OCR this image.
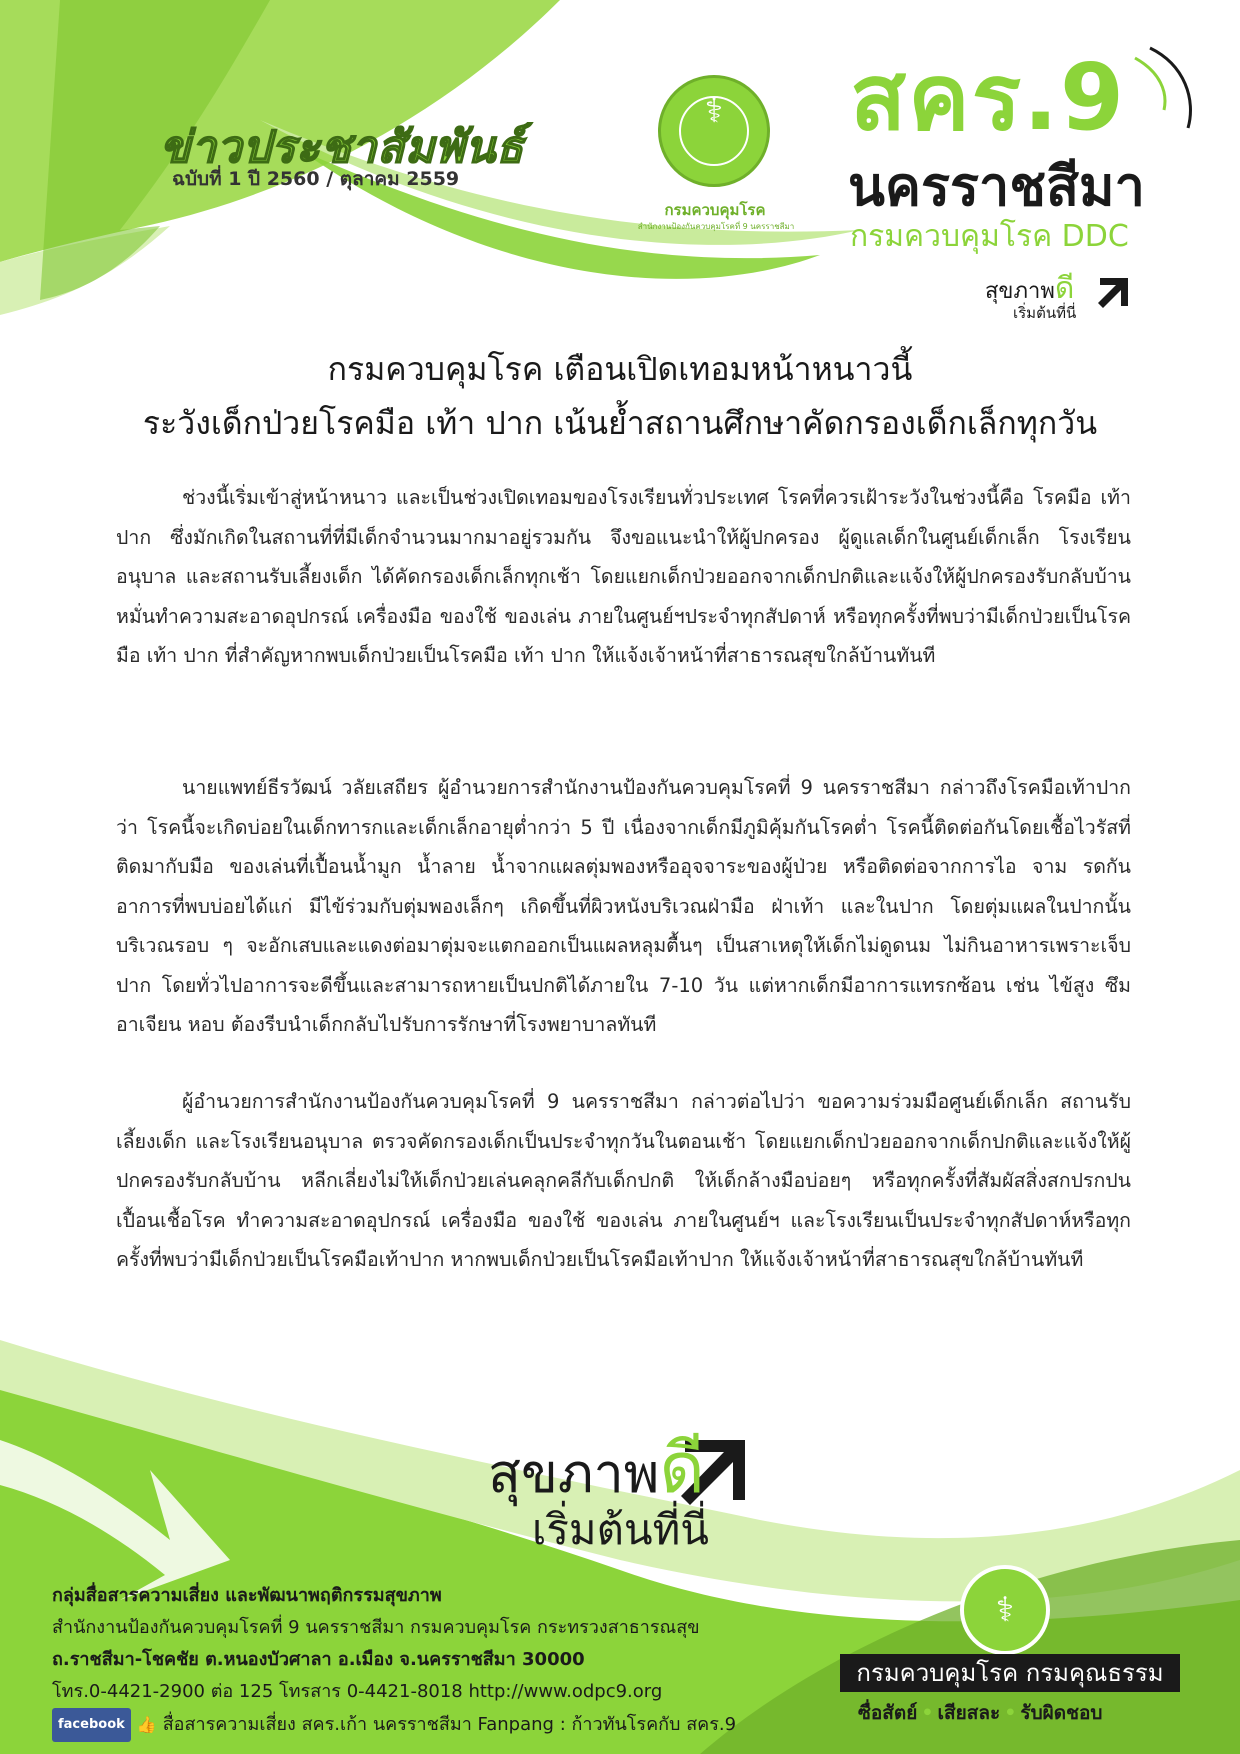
ข่าวประชาสัมพันธ์
ฉบับที่ 1 ปี 2560 / ตุลาคม 2559
⚕
กรมควบคุมโรค
สำนักงานป้องกันควบคุมโรคที่ 9 นครราชสีมา
สคร.9
นครราชสีมา
กรมควบคุมโรค DDC
สุขภาพดี
เริ่มต้นที่นี่
กรมควบคุมโรค เตือนเปิดเทอมหน้าหนาวนี้
ระวังเด็กป่วยโรคมือ เท้า ปาก เน้นย้ำสถานศึกษาคัดกรองเด็กเล็กทุกวัน
ช่วงนี้เริ่มเข้าสู่หน้าหนาว และเป็นช่วงเปิดเทอมของโรงเรียนทั่วประเทศ โรคที่ควรเฝ้าระวังในช่วงนี้คือ โรคมือ เท้า ปาก ซึ่งมักเกิดในสถานที่ที่มีเด็กจำนวนมากมาอยู่รวมกัน จึงขอแนะนำให้ผู้ปกครอง ผู้ดูแลเด็กในศูนย์เด็กเล็ก โรงเรียนอนุบาล และสถานรับเลี้ยงเด็ก ได้คัดกรองเด็กเล็กทุกเช้า โดยแยกเด็กป่วยออกจากเด็กปกติและแจ้งให้ผู้ปกครองรับกลับบ้าน หมั่นทำความสะอาดอุปกรณ์ เครื่องมือ ของใช้ ของเล่น ภายในศูนย์ฯประจำทุกสัปดาห์ หรือทุกครั้งที่พบว่ามีเด็กป่วยเป็นโรคมือ เท้า ปาก ที่สำคัญหากพบเด็กป่วยเป็นโรคมือ เท้า ปาก ให้แจ้งเจ้าหน้าที่สาธารณสุขใกล้บ้านทันที
นายแพทย์ธีรวัฒน์ วลัยเสถียร ผู้อำนวยการสำนักงานป้องกันควบคุมโรคที่ 9 นครราชสีมา กล่าวถึงโรคมือเท้าปากว่า โรคนี้จะเกิดบ่อยในเด็กทารกและเด็กเล็กอายุต่ำกว่า 5 ปี เนื่องจากเด็กมีภูมิคุ้มกันโรคต่ำ โรคนี้ติดต่อกันโดยเชื้อไวรัสที่ติดมากับมือ ของเล่นที่เปื้อนน้ำมูก น้ำลาย น้ำจากแผลตุ่มพองหรืออุจจาระของผู้ป่วย หรือติดต่อจากการไอ จาม รดกัน อาการที่พบบ่อยได้แก่ มีไข้ร่วมกับตุ่มพองเล็กๆ เกิดขึ้นที่ผิวหนังบริเวณฝ่ามือ ฝ่าเท้า และในปาก โดยตุ่มแผลในปากนั้น บริเวณรอบ ๆ จะอักเสบและแดงต่อมาตุ่มจะแตกออกเป็นแผลหลุมตื้นๆ เป็นสาเหตุให้เด็กไม่ดูดนม ไม่กินอาหารเพราะเจ็บปาก โดยทั่วไปอาการจะดีขึ้นและสามารถหายเป็นปกติได้ภายใน 7-10 วัน แต่หากเด็กมีอาการแทรกซ้อน เช่น ไข้สูง ซึม อาเจียน หอบ ต้องรีบนำเด็กกลับไปรับการรักษาที่โรงพยาบาลทันที
ผู้อำนวยการสำนักงานป้องกันควบคุมโรคที่ 9 นครราชสีมา กล่าวต่อไปว่า ขอความร่วมมือศูนย์เด็กเล็ก สถานรับเลี้ยงเด็ก และโรงเรียนอนุบาล ตรวจคัดกรองเด็กเป็นประจำทุกวันในตอนเช้า โดยแยกเด็กป่วยออกจากเด็กปกติและแจ้งให้ผู้ปกครองรับกลับบ้าน หลีกเลี่ยงไม่ให้เด็กป่วยเล่นคลุกคลีกับเด็กปกติ ให้เด็กล้างมือบ่อยๆ หรือทุกครั้งที่สัมผัสสิ่งสกปรกปนเปื้อนเชื้อโรค ทำความสะอาดอุปกรณ์ เครื่องมือ ของใช้ ของเล่น ภายในศูนย์ฯ และโรงเรียนเป็นประจำทุกสัปดาห์หรือทุกครั้งที่พบว่ามีเด็กป่วยเป็นโรคมือเท้าปาก หากพบเด็กป่วยเป็นโรคมือเท้าปาก ให้แจ้งเจ้าหน้าที่สาธารณสุขใกล้บ้านทันที
สุขภาพดี
เริ่มต้นที่นี่
กลุ่มสื่อสารความเสี่ยง และพัฒนาพฤติกรรมสุขภาพ
สำนักงานป้องกันควบคุมโรคที่ 9 นครราชสีมา กรมควบคุมโรค กระทรวงสาธารณสุข
ถ.ราชสีมา-โชคชัย ต.หนองบัวศาลา อ.เมือง จ.นครราชสีมา 30000
โทร.0-4421-2900 ต่อ 125 โทรสาร 0-4421-8018 http://www.odpc9.org
facebook 👍 สื่อสารความเสี่ยง สคร.เก้า นครราชสีมา Fanpang : ก้าวทันโรคกับ สคร.9
⚕
กรมควบคุมโรค กรมคุณธรรม
ซื่อสัตย์ • เสียสละ • รับผิดชอบ
